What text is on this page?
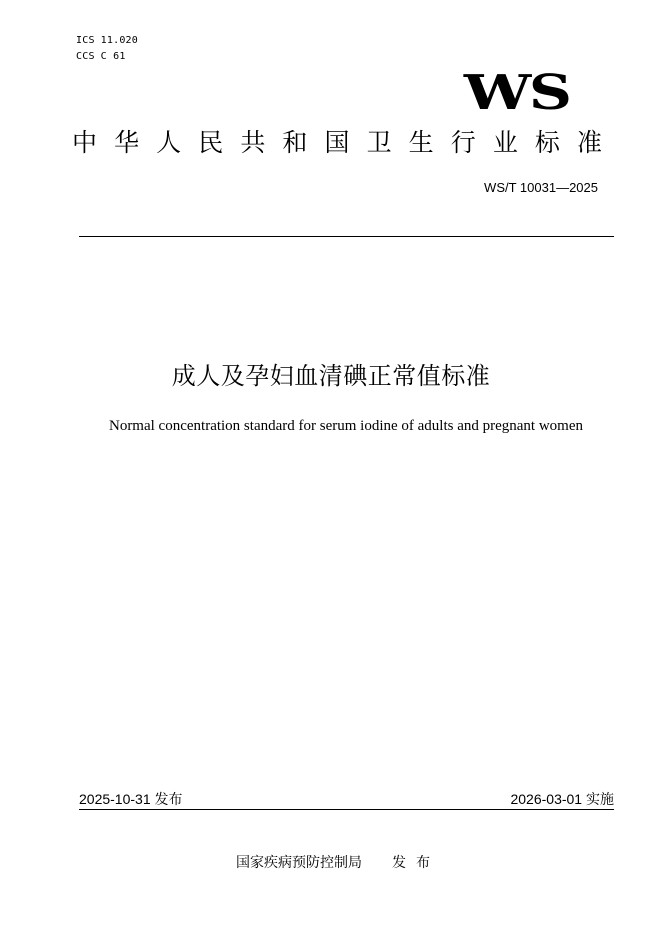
ICS 11.020
CCS C 61
WS
中华人民共和国卫生行业标准
WS/T 10031—2025
成人及孕妇血清碘正常值标准
Normal concentration standard for serum iodine of adults and pregnant women
2025-10-31 发布	2026-03-01 实施
国家疾病预防控制局 发布
